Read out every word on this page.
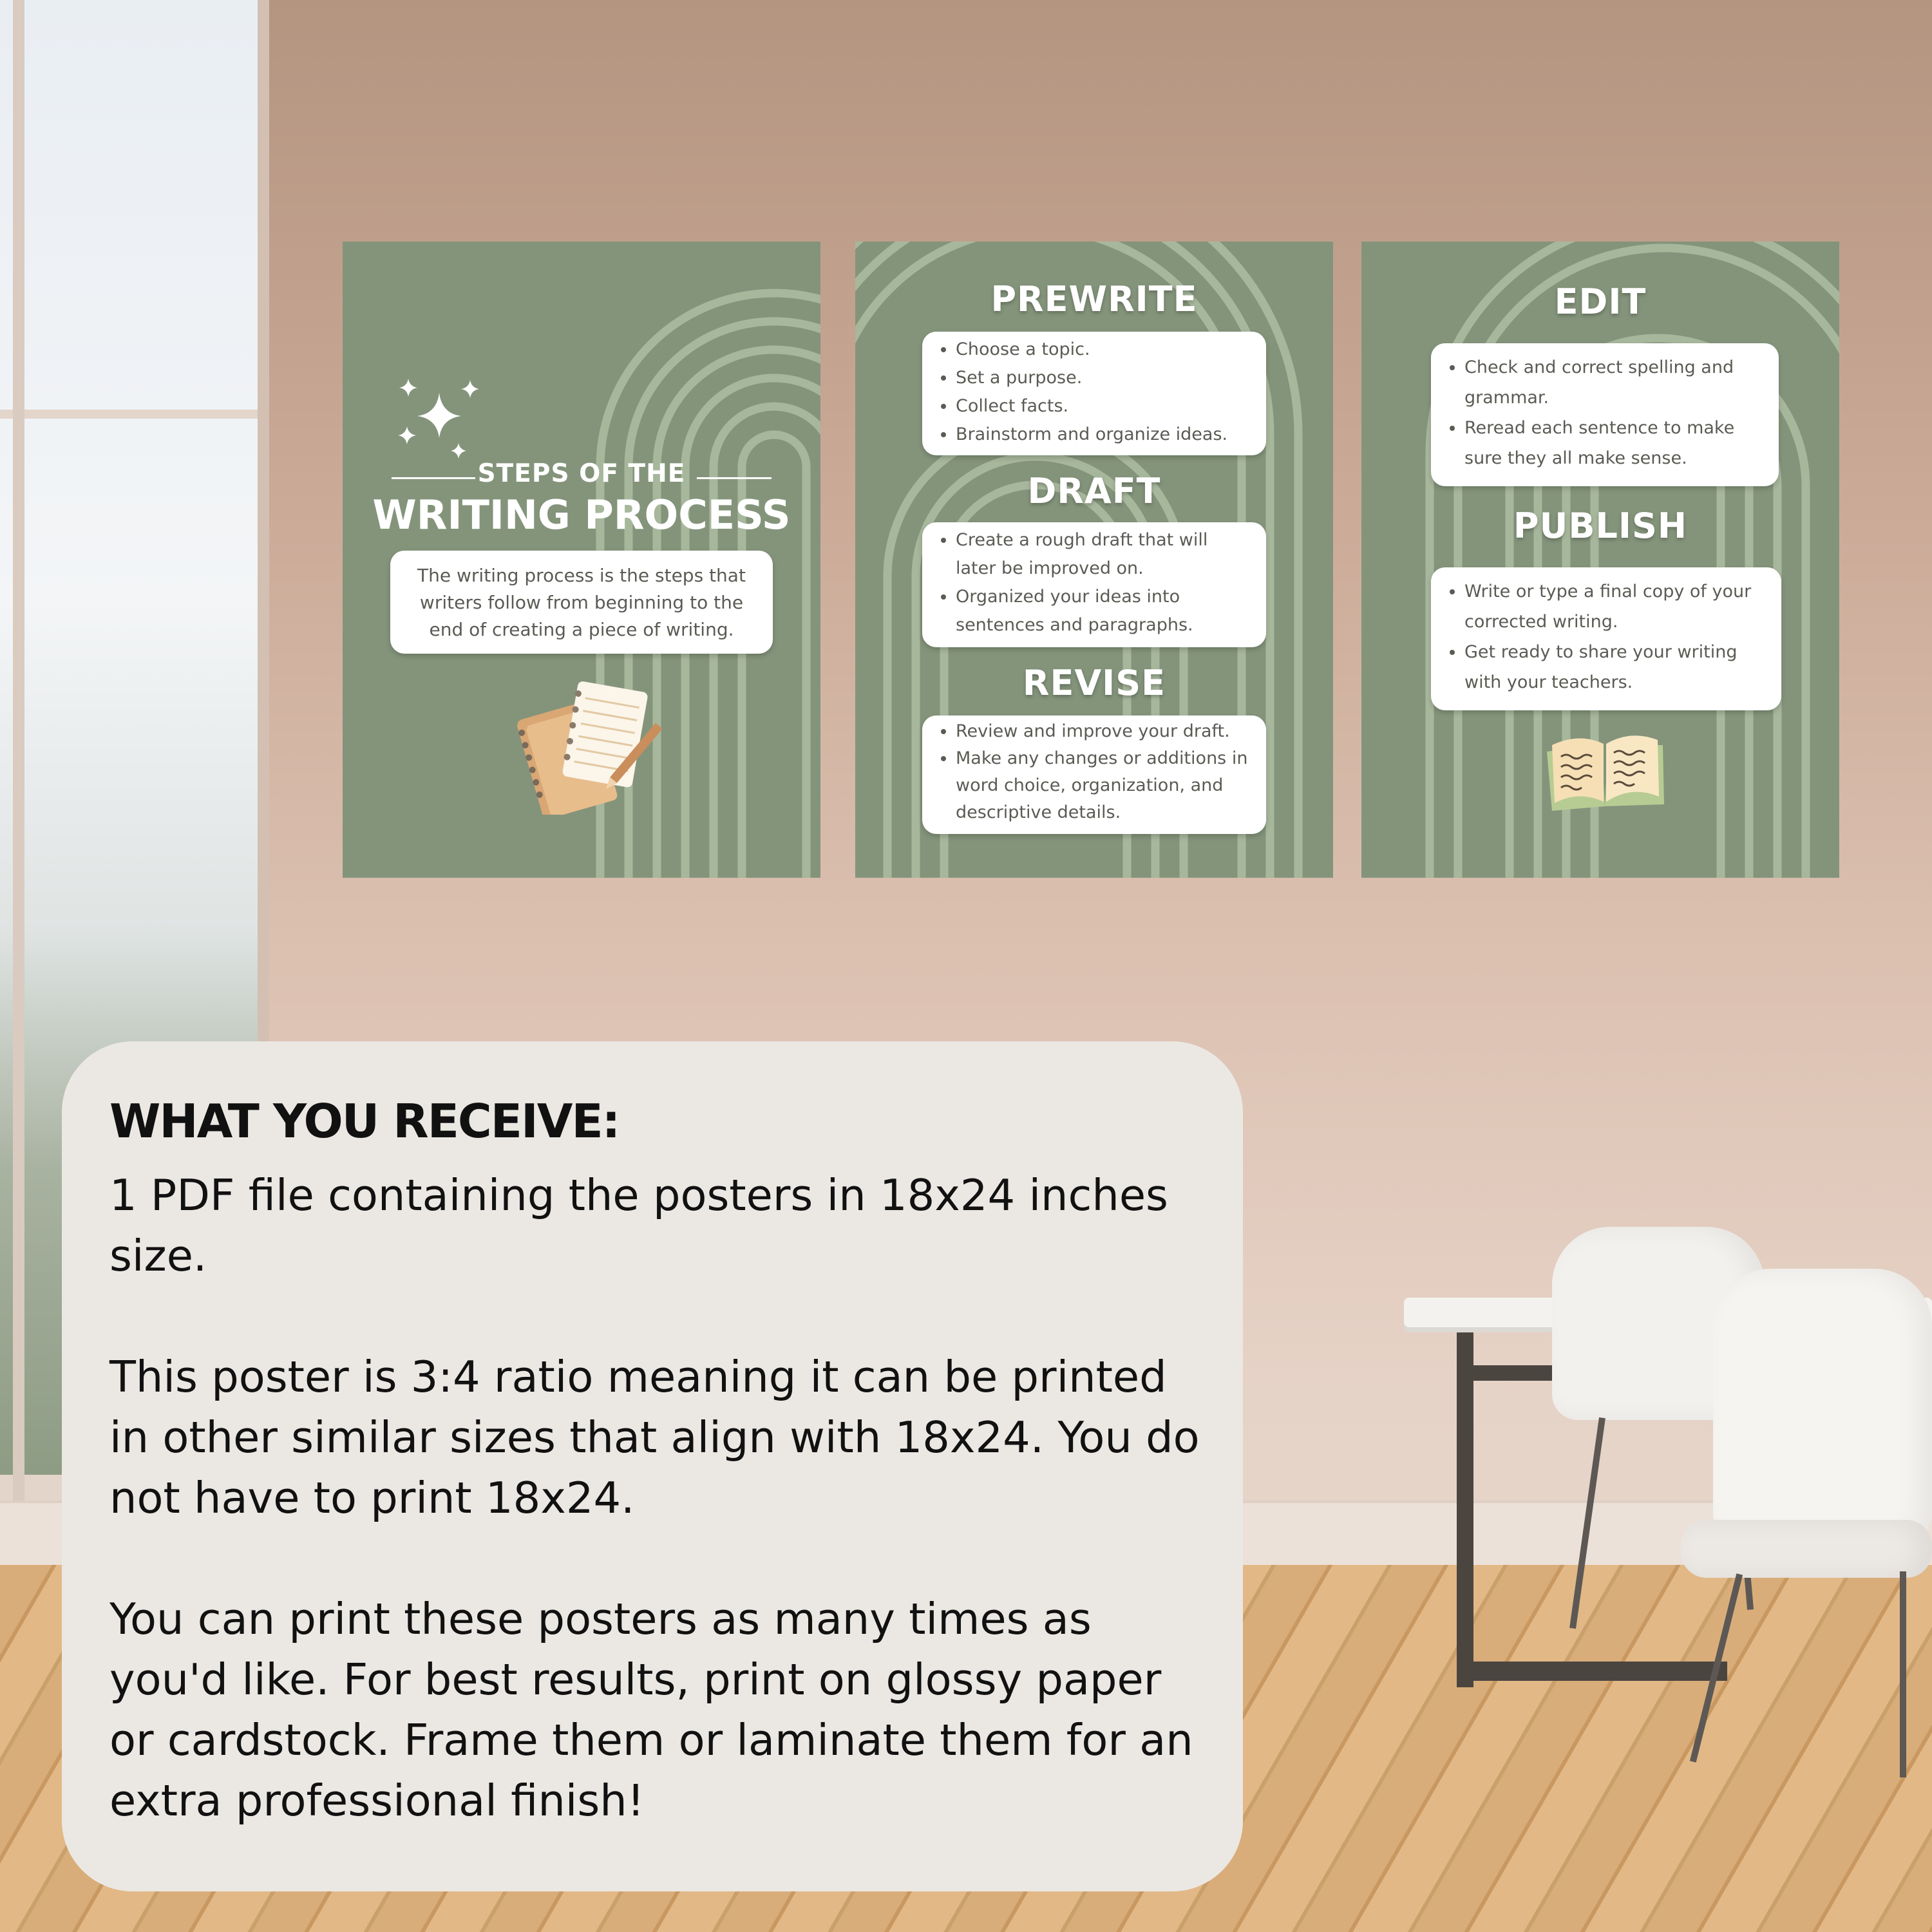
STEPS OF THE
WRITING PROCESS
The writing process is the steps that writers follow from beginning to the end of creating a piece of writing.
PREWRITE
• Choose a topic.
• Set a purpose.
• Collect facts.
• Brainstorm and organize ideas.
DRAFT
• Create a rough draft that will later be improved on.
• Organized your ideas into sentences and paragraphs.
REVISE
• Review and improve your draft.
• Make any changes or additions in word choice, organization, and descriptive details.
EDIT
• Check and correct spelling and grammar.
• Reread each sentence to make sure they all make sense.
PUBLISH
• Write or type a final copy of your corrected writing.
• Get ready to share your writing with your teachers.
WHAT YOU RECEIVE:

1 PDF file containing the posters in 18x24 inches size.

This poster is 3:4 ratio meaning it can be printed in other similar sizes that align with 18x24. You do not have to print 18x24.

You can print these posters as many times as you'd like. For best results, print on glossy paper or cardstock. Frame them or laminate them for an extra professional finish!
